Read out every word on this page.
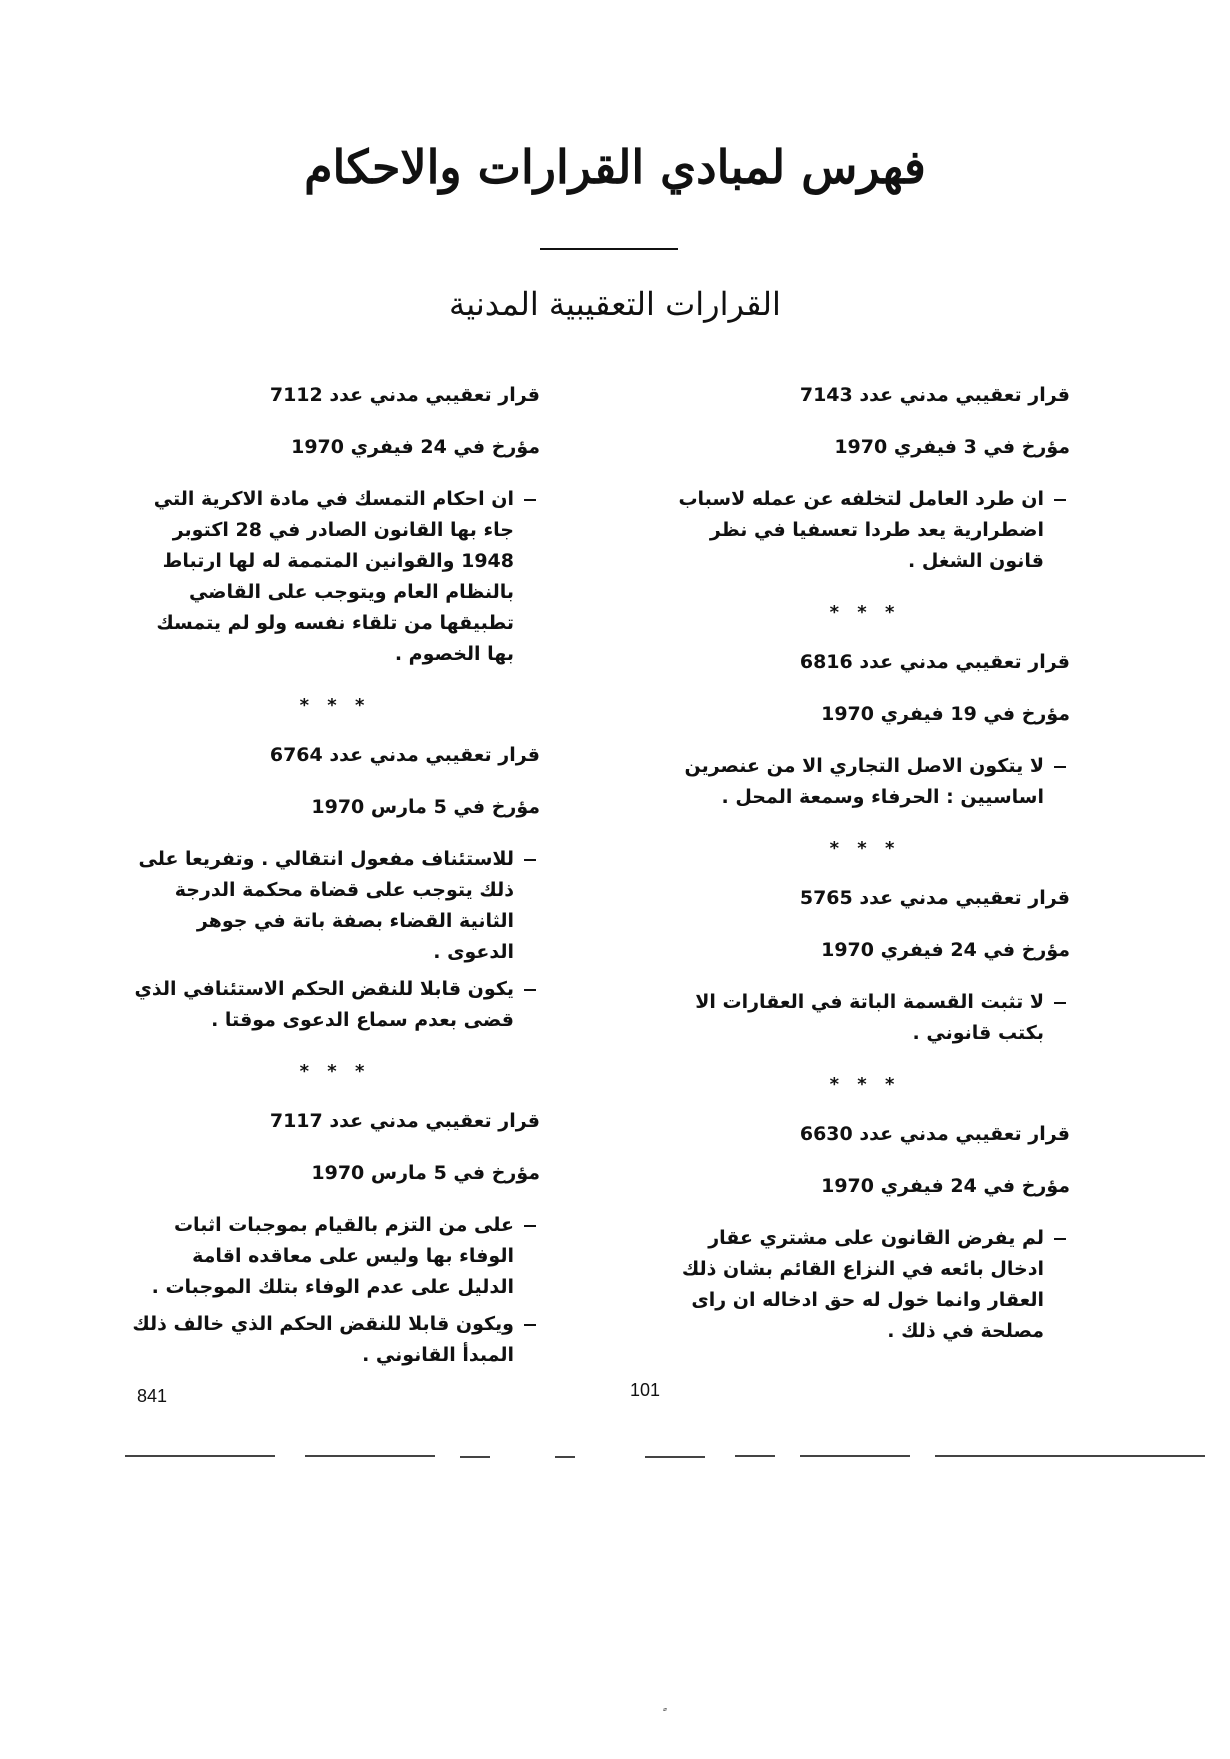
فهرس لمبادي القرارات والاحكام
القرارات التعقيبية المدنية
قرار تعقيبي مدني عدد 7143
مؤرخ في 3 فيفري 1970
ان طرد العامل لتخلفه عن عمله لاسباب اضطرارية يعد طردا تعسفيا في نظر قانون الشغل .
* * *
قرار تعقيبي مدني عدد 6816
مؤرخ في 19 فيفري 1970
لا يتكون الاصل التجاري الا من عنصرين اساسيين : الحرفاء وسمعة المحل .
* * *
قرار تعقيبي مدني عدد 5765
مؤرخ في 24 فيفري 1970
لا تثبت القسمة الباتة في العقارات الا بكتب قانوني .
* * *
قرار تعقيبي مدني عدد 6630
مؤرخ في 24 فيفري 1970
لم يفرض القانون على مشتري عقار ادخال بائعه في النزاع القائم بشان ذلك العقار وانما خول له حق ادخاله ان راى مصلحة في ذلك .
قرار تعقيبي مدني عدد 7112
مؤرخ في 24 فيفري 1970
ان احكام التمسك في مادة الاكرية التي جاء بها القانون الصادر في 28 اكتوبر 1948 والقوانين المتممة له لها ارتباط بالنظام العام ويتوجب على القاضي تطبيقها من تلقاء نفسه ولو لم يتمسك بها الخصوم .
* * *
قرار تعقيبي مدني عدد 6764
مؤرخ في 5 مارس 1970
للاستئناف مفعول انتقالي . وتفريعا على ذلك يتوجب على قضاة محكمة الدرجة الثانية القضاء بصفة باتة في جوهر الدعوى .
يكون قابلا للنقض الحكم الاستئنافي الذي قضى بعدم سماع الدعوى موقتا .
* * *
قرار تعقيبي مدني عدد 7117
مؤرخ في 5 مارس 1970
على من التزم بالقيام بموجبات اثبات الوفاء بها وليس على معاقده اقامة الدليل على عدم الوفاء بتلك الموجبات .
ويكون قابلا للنقض الحكم الذي خالف ذلك المبدأ القانوني .
101
841
